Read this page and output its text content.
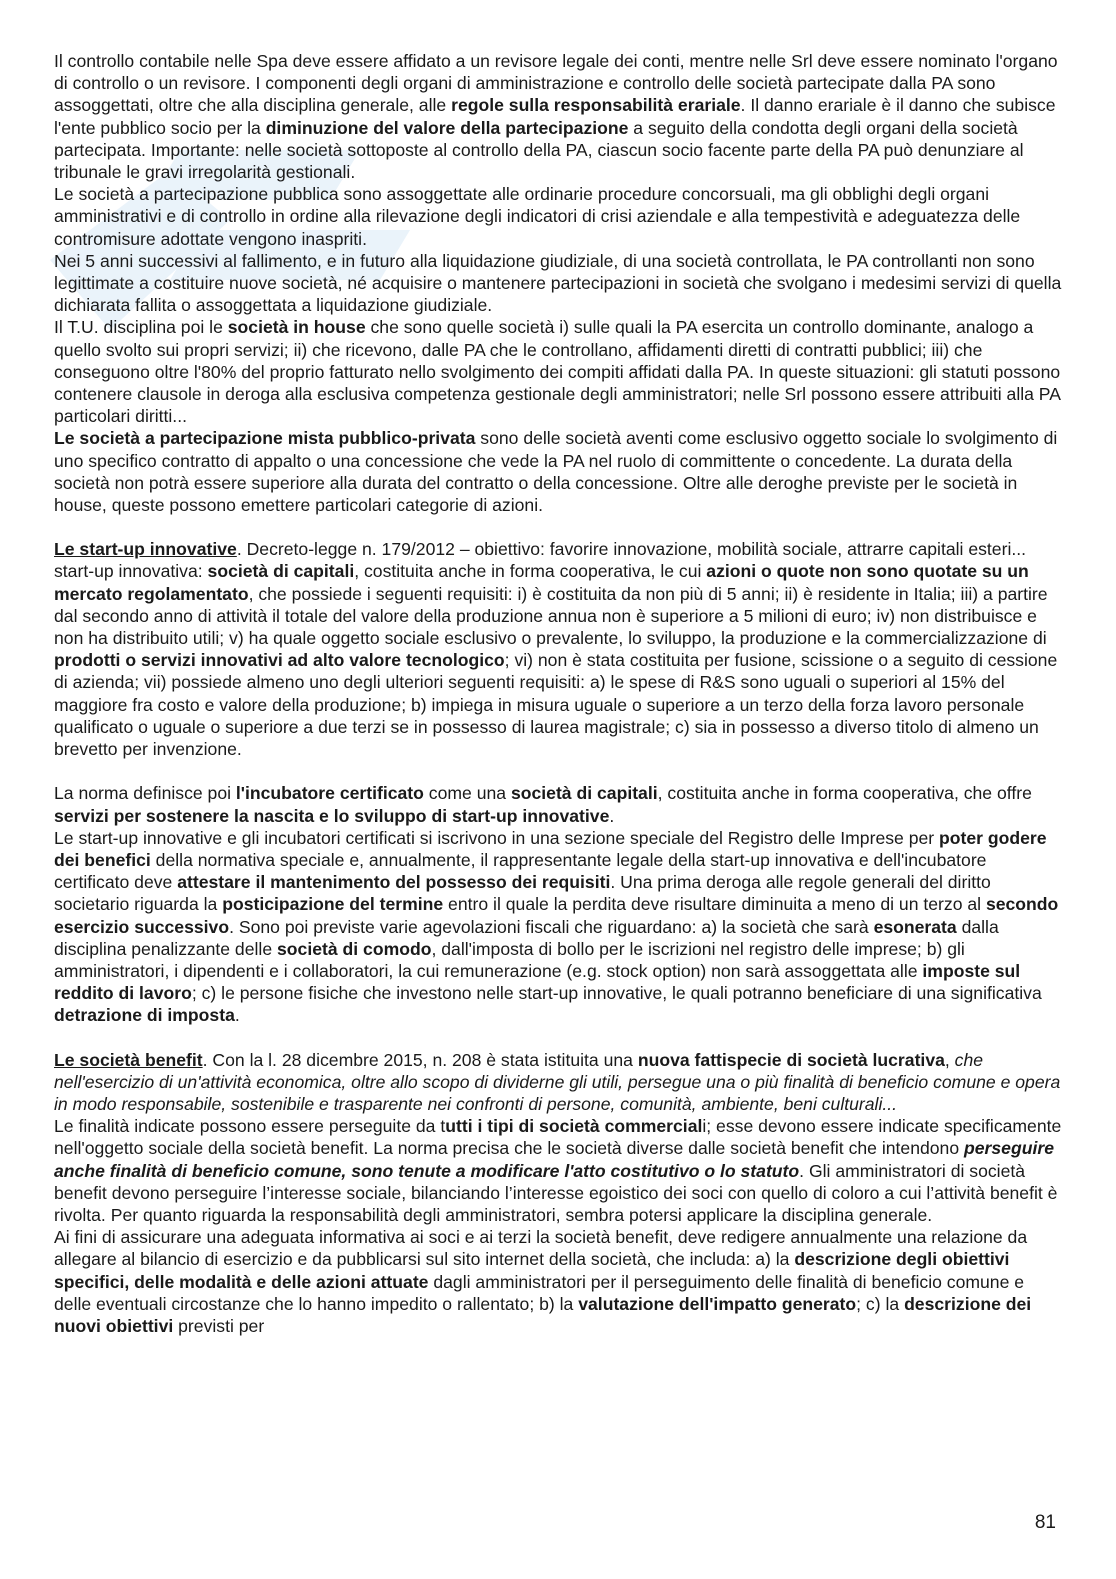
Il controllo contabile nelle Spa deve essere affidato a un revisore legale dei conti, mentre nelle Srl deve essere nominato l'organo di controllo o un revisore. I componenti degli organi di amministrazione e controllo delle società partecipate dalla PA sono assoggettati, oltre che alla disciplina generale, alle regole sulla responsabilità erariale. Il danno erariale è il danno che subisce l'ente pubblico socio per la diminuzione del valore della partecipazione a seguito della condotta degli organi della società partecipata. Importante: nelle società sottoposte al controllo della PA, ciascun socio facente parte della PA può denunziare al tribunale le gravi irregolarità gestionali.

Le società a partecipazione pubblica sono assoggettate alle ordinarie procedure concorsuali, ma gli obblighi degli organi amministrativi e di controllo in ordine alla rilevazione degli indicatori di crisi aziendale e alla tempestività e adeguatezza delle contromisure adottate vengono inaspriti.

Nei 5 anni successivi al fallimento, e in futuro alla liquidazione giudiziale, di una società controllata, le PA controllanti non sono legittimate a costituire nuove società, né acquisire o mantenere partecipazioni in società che svolgano i medesimi servizi di quella dichiarata fallita o assoggettata a liquidazione giudiziale.

Il T.U. disciplina poi le società in house che sono quelle società i) sulle quali la PA esercita un controllo dominante, analogo a quello svolto sui propri servizi; ii) che ricevono, dalle PA che le controllano, affidamenti diretti di contratti pubblici; iii) che conseguono oltre l'80% del proprio fatturato nello svolgimento dei compiti affidati dalla PA. In queste situazioni: gli statuti possono contenere clausole in deroga alla esclusiva competenza gestionale degli amministratori; nelle Srl possono essere attribuiti alla PA particolari diritti...

Le società a partecipazione mista pubblico-privata sono delle società aventi come esclusivo oggetto sociale lo svolgimento di uno specifico contratto di appalto o una concessione che vede la PA nel ruolo di committente o concedente. La durata della società non potrà essere superiore alla durata del contratto o della concessione. Oltre alle deroghe previste per le società in house, queste possono emettere particolari categorie di azioni.

Le start-up innovative. Decreto-legge n. 179/2012 – obiettivo: favorire innovazione, mobilità sociale, attrarre capitali esteri... start-up innovativa: società di capitali, costituita anche in forma cooperativa, le cui azioni o quote non sono quotate su un mercato regolamentato, che possiede i seguenti requisiti: i) è costituita da non più di 5 anni; ii) è residente in Italia; iii) a partire dal secondo anno di attività il totale del valore della produzione annua non è superiore a 5 milioni di euro; iv) non distribuisce e non ha distribuito utili; v) ha quale oggetto sociale esclusivo o prevalente, lo sviluppo, la produzione e la commercializzazione di prodotti o servizi innovativi ad alto valore tecnologico; vi) non è stata costituita per fusione, scissione o a seguito di cessione di azienda; vii) possiede almeno uno degli ulteriori seguenti requisiti: a) le spese di R&S sono uguali o superiori al 15% del maggiore fra costo e valore della produzione; b) impiega in misura uguale o superiore a un terzo della forza lavoro personale qualificato o uguale o superiore a due terzi se in possesso di laurea magistrale; c) sia in possesso a diverso titolo di almeno un brevetto per invenzione.

La norma definisce poi l'incubatore certificato come una società di capitali, costituita anche in forma cooperativa, che offre servizi per sostenere la nascita e lo sviluppo di start-up innovative.

Le start-up innovative e gli incubatori certificati si iscrivono in una sezione speciale del Registro delle Imprese per poter godere dei benefici della normativa speciale e, annualmente, il rappresentante legale della start-up innovativa e dell'incubatore certificato deve attestare il mantenimento del possesso dei requisiti. Una prima deroga alle regole generali del diritto societario riguarda la posticipazione del termine entro il quale la perdita deve risultare diminuita a meno di un terzo al secondo esercizio successivo. Sono poi previste varie agevolazioni fiscali che riguardano: a) la società che sarà esonerata dalla disciplina penalizzante delle società di comodo, dall'imposta di bollo per le iscrizioni nel registro delle imprese; b) gli amministratori, i dipendenti e i collaboratori, la cui remunerazione (e.g. stock option) non sarà assoggettata alle imposte sul reddito di lavoro; c) le persone fisiche che investono nelle start-up innovative, le quali potranno beneficiare di una significativa detrazione di imposta.

Le società benefit. Con la l. 28 dicembre 2015, n. 208 è stata istituita una nuova fattispecie di società lucrativa, che nell'esercizio di un'attività economica, oltre allo scopo di dividerne gli utili, persegue una o più finalità di beneficio comune e opera in modo responsabile, sostenibile e trasparente nei confronti di persone, comunità, ambiente, beni culturali...

Le finalità indicate possono essere perseguite da tutti i tipi di società commerciali; esse devono essere indicate specificamente nell'oggetto sociale della società benefit. La norma precisa che le società diverse dalle società benefit che intendono perseguire anche finalità di beneficio comune, sono tenute a modificare l'atto costitutivo o lo statuto. Gli amministratori di società benefit devono perseguire l’interesse sociale, bilanciando l’interesse egoistico dei soci con quello di coloro a cui l’attività benefit è rivolta. Per quanto riguarda la responsabilità degli amministratori, sembra potersi applicare la disciplina generale.

Ai fini di assicurare una adeguata informativa ai soci e ai terzi la società benefit, deve redigere annualmente una relazione da allegare al bilancio di esercizio e da pubblicarsi sul sito internet della società, che includa: a) la descrizione degli obiettivi specifici, delle modalità e delle azioni attuate dagli amministratori per il perseguimento delle finalità di beneficio comune e delle eventuali circostanze che lo hanno impedito o rallentato; b) la valutazione dell'impatto generato; c) la descrizione dei nuovi obiettivi previsti per

81
